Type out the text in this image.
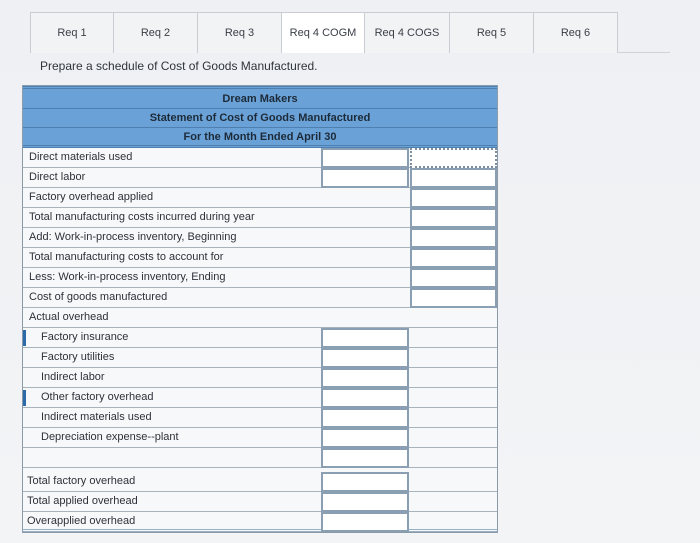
Req 1	Req 2	Req 3	Req 4 COGM	Req 4 COGS	Req 5	Req 6
Prepare a schedule of Cost of Goods Manufactured.
Dream Makers
Statement of Cost of Goods Manufactured
For the Month Ended April 30
Direct materials used
Direct labor
Factory overhead applied
Total manufacturing costs incurred during year
Add: Work-in-process inventory, Beginning
Total manufacturing costs to account for
Less: Work-in-process inventory, Ending
Cost of goods manufactured
Actual overhead
Factory insurance
Factory utilities
Indirect labor
Other factory overhead
Indirect materials used
Depreciation expense--plant
Total factory overhead
Total applied overhead
Overapplied overhead
